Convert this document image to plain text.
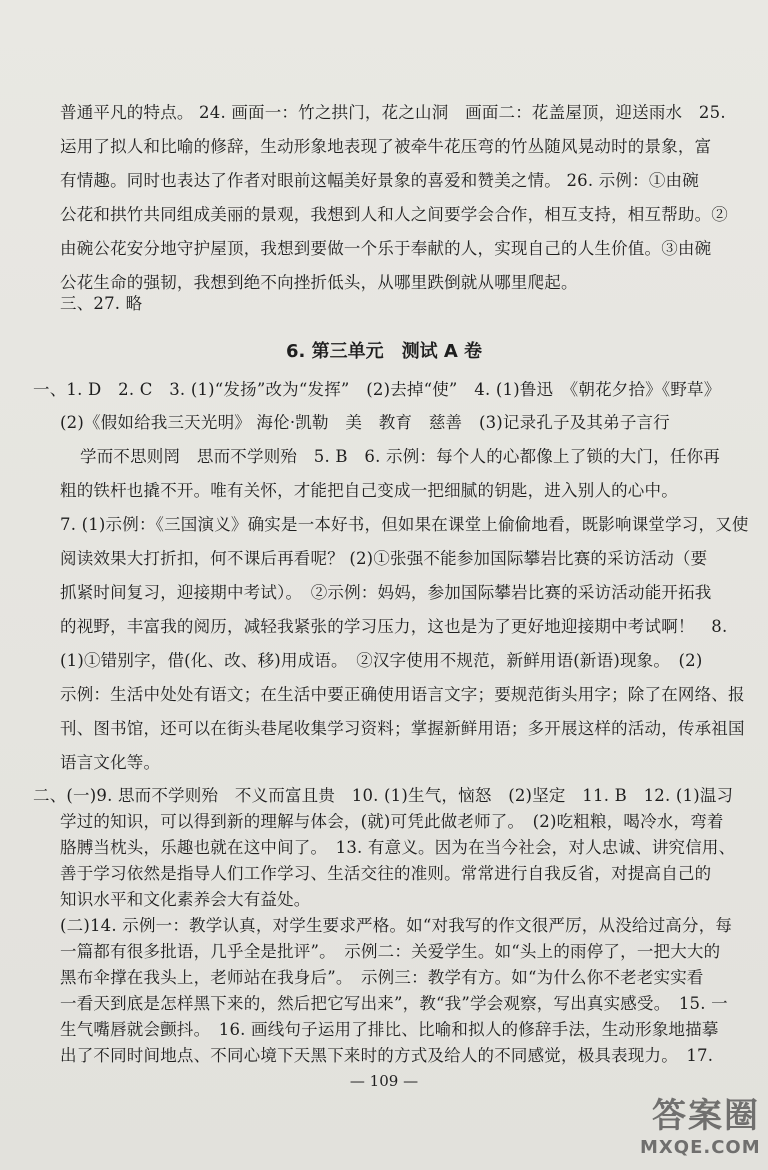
普通平凡的特点。 24. 画面一：竹之拱门，花之山洞　画面二：花盖屋顶，迎送雨水　25.
运用了拟人和比喻的修辞，生动形象地表现了被牵牛花压弯的竹丛随风晃动时的景象，富
有情趣。同时也表达了作者对眼前这幅美好景象的喜爱和赞美之情。 26. 示例：①由碗
公花和拱竹共同组成美丽的景观，我想到人和人之间要学会合作，相互支持，相互帮助。②
由碗公花安分地守护屋顶，我想到要做一个乐于奉献的人，实现自己的人生价值。③由碗
公花生命的强韧，我想到绝不向挫折低头，从哪里跌倒就从哪里爬起。
三、27. 略
6. 第三单元　测试 A 卷
一、1. D　2. C　3. (1)“发扬”改为“发挥”　(2)去掉“使”　4. (1)鲁迅　《朝花夕拾》《野草》
(2)《假如给我三天光明》 海伦·凯勒　美　教育　慈善　(3)记录孔子及其弟子言行
学而不思则罔　思而不学则殆　5. B　6. 示例：每个人的心都像上了锁的大门，任你再
粗的铁杆也撬不开。唯有关怀，才能把自己变成一把细腻的钥匙，进入别人的心中。
7. (1)示例：《三国演义》确实是一本好书，但如果在课堂上偷偷地看，既影响课堂学习，又使
阅读效果大打折扣，何不课后再看呢？ (2)①张强不能参加国际攀岩比赛的采访活动（要
抓紧时间复习，迎接期中考试）。　②示例：妈妈，参加国际攀岩比赛的采访活动能开拓我
的视野，丰富我的阅历，减轻我紧张的学习压力，这也是为了更好地迎接期中考试啊！　8.
(1)①错别字，借(化、改、移)用成语。　②汉字使用不规范，新鲜用语(新语)现象。　(2)
示例：生活中处处有语文；在生活中要正确使用语言文字；要规范街头用字；除了在网络、报
刊、图书馆，还可以在街头巷尾收集学习资料；掌握新鲜用语；多开展这样的活动，传承祖国
语言文化等。
二、(一)9. 思而不学则殆　不义而富且贵　10. (1)生气，恼怒　(2)坚定　11. B　12. (1)温习
学过的知识，可以得到新的理解与体会，(就)可凭此做老师了。　(2)吃粗粮，喝冷水，弯着
胳膊当枕头，乐趣也就在这中间了。　13. 有意义。因为在当今社会，对人忠诚、讲究信用、
善于学习依然是指导人们工作学习、生活交往的准则。常常进行自我反省，对提高自己的
知识水平和文化素养会大有益处。
(二)14. 示例一：教学认真，对学生要求严格。如“对我写的作文很严厉，从没给过高分，每
一篇都有很多批语，几乎全是批评”。　示例二：关爱学生。如“头上的雨停了，一把大大的
黑布伞撑在我头上，老师站在我身后”。　示例三：教学有方。如“为什么你不老老实实看
— 109 —
答案圈
MXQE.COM
一看天到底是怎样黑下来的，然后把它写出来”，教“我”学会观察，写出真实感受。　15. 一
生气嘴唇就会颤抖。　16. 画线句子运用了排比、比喻和拟人的修辞手法，生动形象地描摹
出了不同时间地点、不同心境下天黑下来时的方式及给人的不同感觉，极具表现力。　17.
